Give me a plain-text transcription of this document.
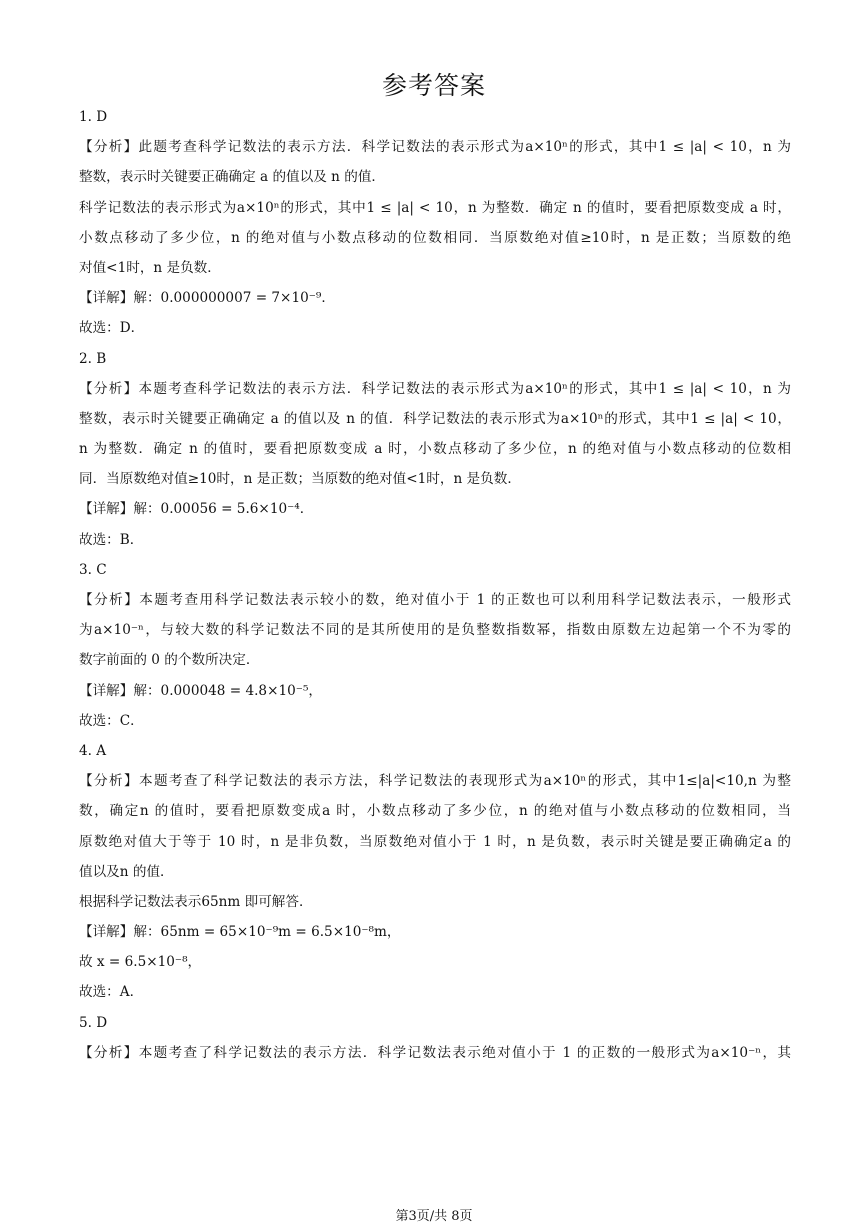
参考答案
1. D
【分析】此题考查科学记数法的表示方法．科学记数法的表示形式为a×10ⁿ的形式，其中1 ≤ |a| < 10，n 为
整数，表示时关键要正确确定 a 的值以及 n 的值．
科学记数法的表示形式为a×10ⁿ的形式，其中1 ≤ |a| < 10，n 为整数．确定 n 的值时，要看把原数变成 a 时，
小数点移动了多少位，n 的绝对值与小数点移动的位数相同．当原数绝对值≥10时，n 是正数；当原数的绝
对值<1时，n 是负数．
【详解】解：0.000000007 = 7×10⁻⁹．
故选：D．
2. B
【分析】本题考查科学记数法的表示方法．科学记数法的表示形式为a×10ⁿ的形式，其中1 ≤ |a| < 10，n 为
整数，表示时关键要正确确定 a 的值以及 n 的值．科学记数法的表示形式为a×10ⁿ的形式，其中1 ≤ |a| < 10，
n 为整数．确定 n 的值时，要看把原数变成 a 时，小数点移动了多少位，n 的绝对值与小数点移动的位数相
同．当原数绝对值≥10时，n 是正数；当原数的绝对值<1时，n 是负数．
【详解】解：0.00056 = 5.6×10⁻⁴．
故选：B．
3. C
【分析】本题考查用科学记数法表示较小的数，绝对值小于 1 的正数也可以利用科学记数法表示，一般形式
为a×10⁻ⁿ，与较大数的科学记数法不同的是其所使用的是负整数指数幂，指数由原数左边起第一个不为零的
数字前面的 0 的个数所决定．
【详解】解：0.000048 = 4.8×10⁻⁵，
故选：C．
4. A
【分析】本题考查了科学记数法的表示方法，科学记数法的表现形式为a×10ⁿ的形式，其中1≤|a|<10,n 为整
数，确定n 的值时，要看把原数变成a 时，小数点移动了多少位，n 的绝对值与小数点移动的位数相同，当
原数绝对值大于等于 10 时，n 是非负数，当原数绝对值小于 1 时，n 是负数，表示时关键是要正确确定a 的
值以及n 的值．
根据科学记数法表示65nm 即可解答．
【详解】解：65nm = 65×10⁻⁹m = 6.5×10⁻⁸m，
故 x = 6.5×10⁻⁸，
故选：A．
5. D
【分析】本题考查了科学记数法的表示方法．科学记数法表示绝对值小于 1 的正数的一般形式为a×10⁻ⁿ，其
第3页/共 8页
